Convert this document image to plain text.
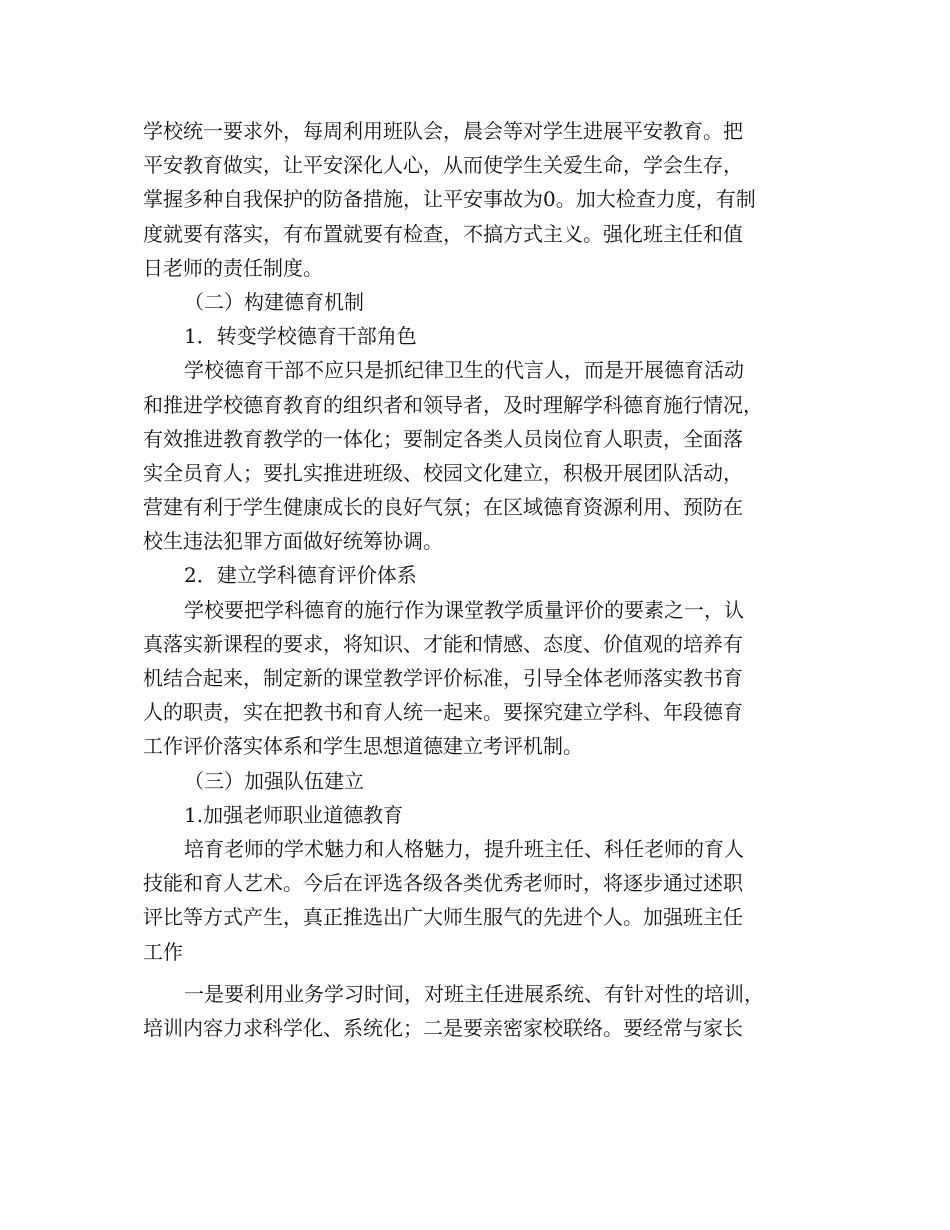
学校统一要求外，每周利用班队会，晨会等对学生进展平安教育。把
平安教育做实，让平安深化人心，从而使学生关爱生命，学会生存，
掌握多种自我保护的防备措施，让平安事故为0。加大检查力度，有制
度就要有落实，有布置就要有检查，不搞方式主义。强化班主任和值
日老师的责任制度。
（二）构建德育机制
1．转变学校德育干部角色
学校德育干部不应只是抓纪律卫生的代言人，而是开展德育活动
和推进学校德育教育的组织者和领导者，及时理解学科德育施行情况，
有效推进教育教学的一体化；要制定各类人员岗位育人职责，全面落
实全员育人；要扎实推进班级、校园文化建立，积极开展团队活动，
营建有利于学生健康成长的良好气氛；在区域德育资源利用、预防在
校生违法犯罪方面做好统筹协调。
2．建立学科德育评价体系
学校要把学科德育的施行作为课堂教学质量评价的要素之一，认
真落实新课程的要求，将知识、才能和情感、态度、价值观的培养有
机结合起来，制定新的课堂教学评价标准，引导全体老师落实教书育
人的职责，实在把教书和育人统一起来。要探究建立学科、年段德育
工作评价落实体系和学生思想道德建立考评机制。
（三）加强队伍建立
1.加强老师职业道德教育
培育老师的学术魅力和人格魅力，提升班主任、科任老师的育人
技能和育人艺术。今后在评选各级各类优秀老师时，将逐步通过述职
评比等方式产生，真正推选出广大师生服气的先进个人。加强班主任
工作
一是要利用业务学习时间，对班主任进展系统、有针对性的培训，
培训内容力求科学化、系统化；二是要亲密家校联络。要经常与家长
